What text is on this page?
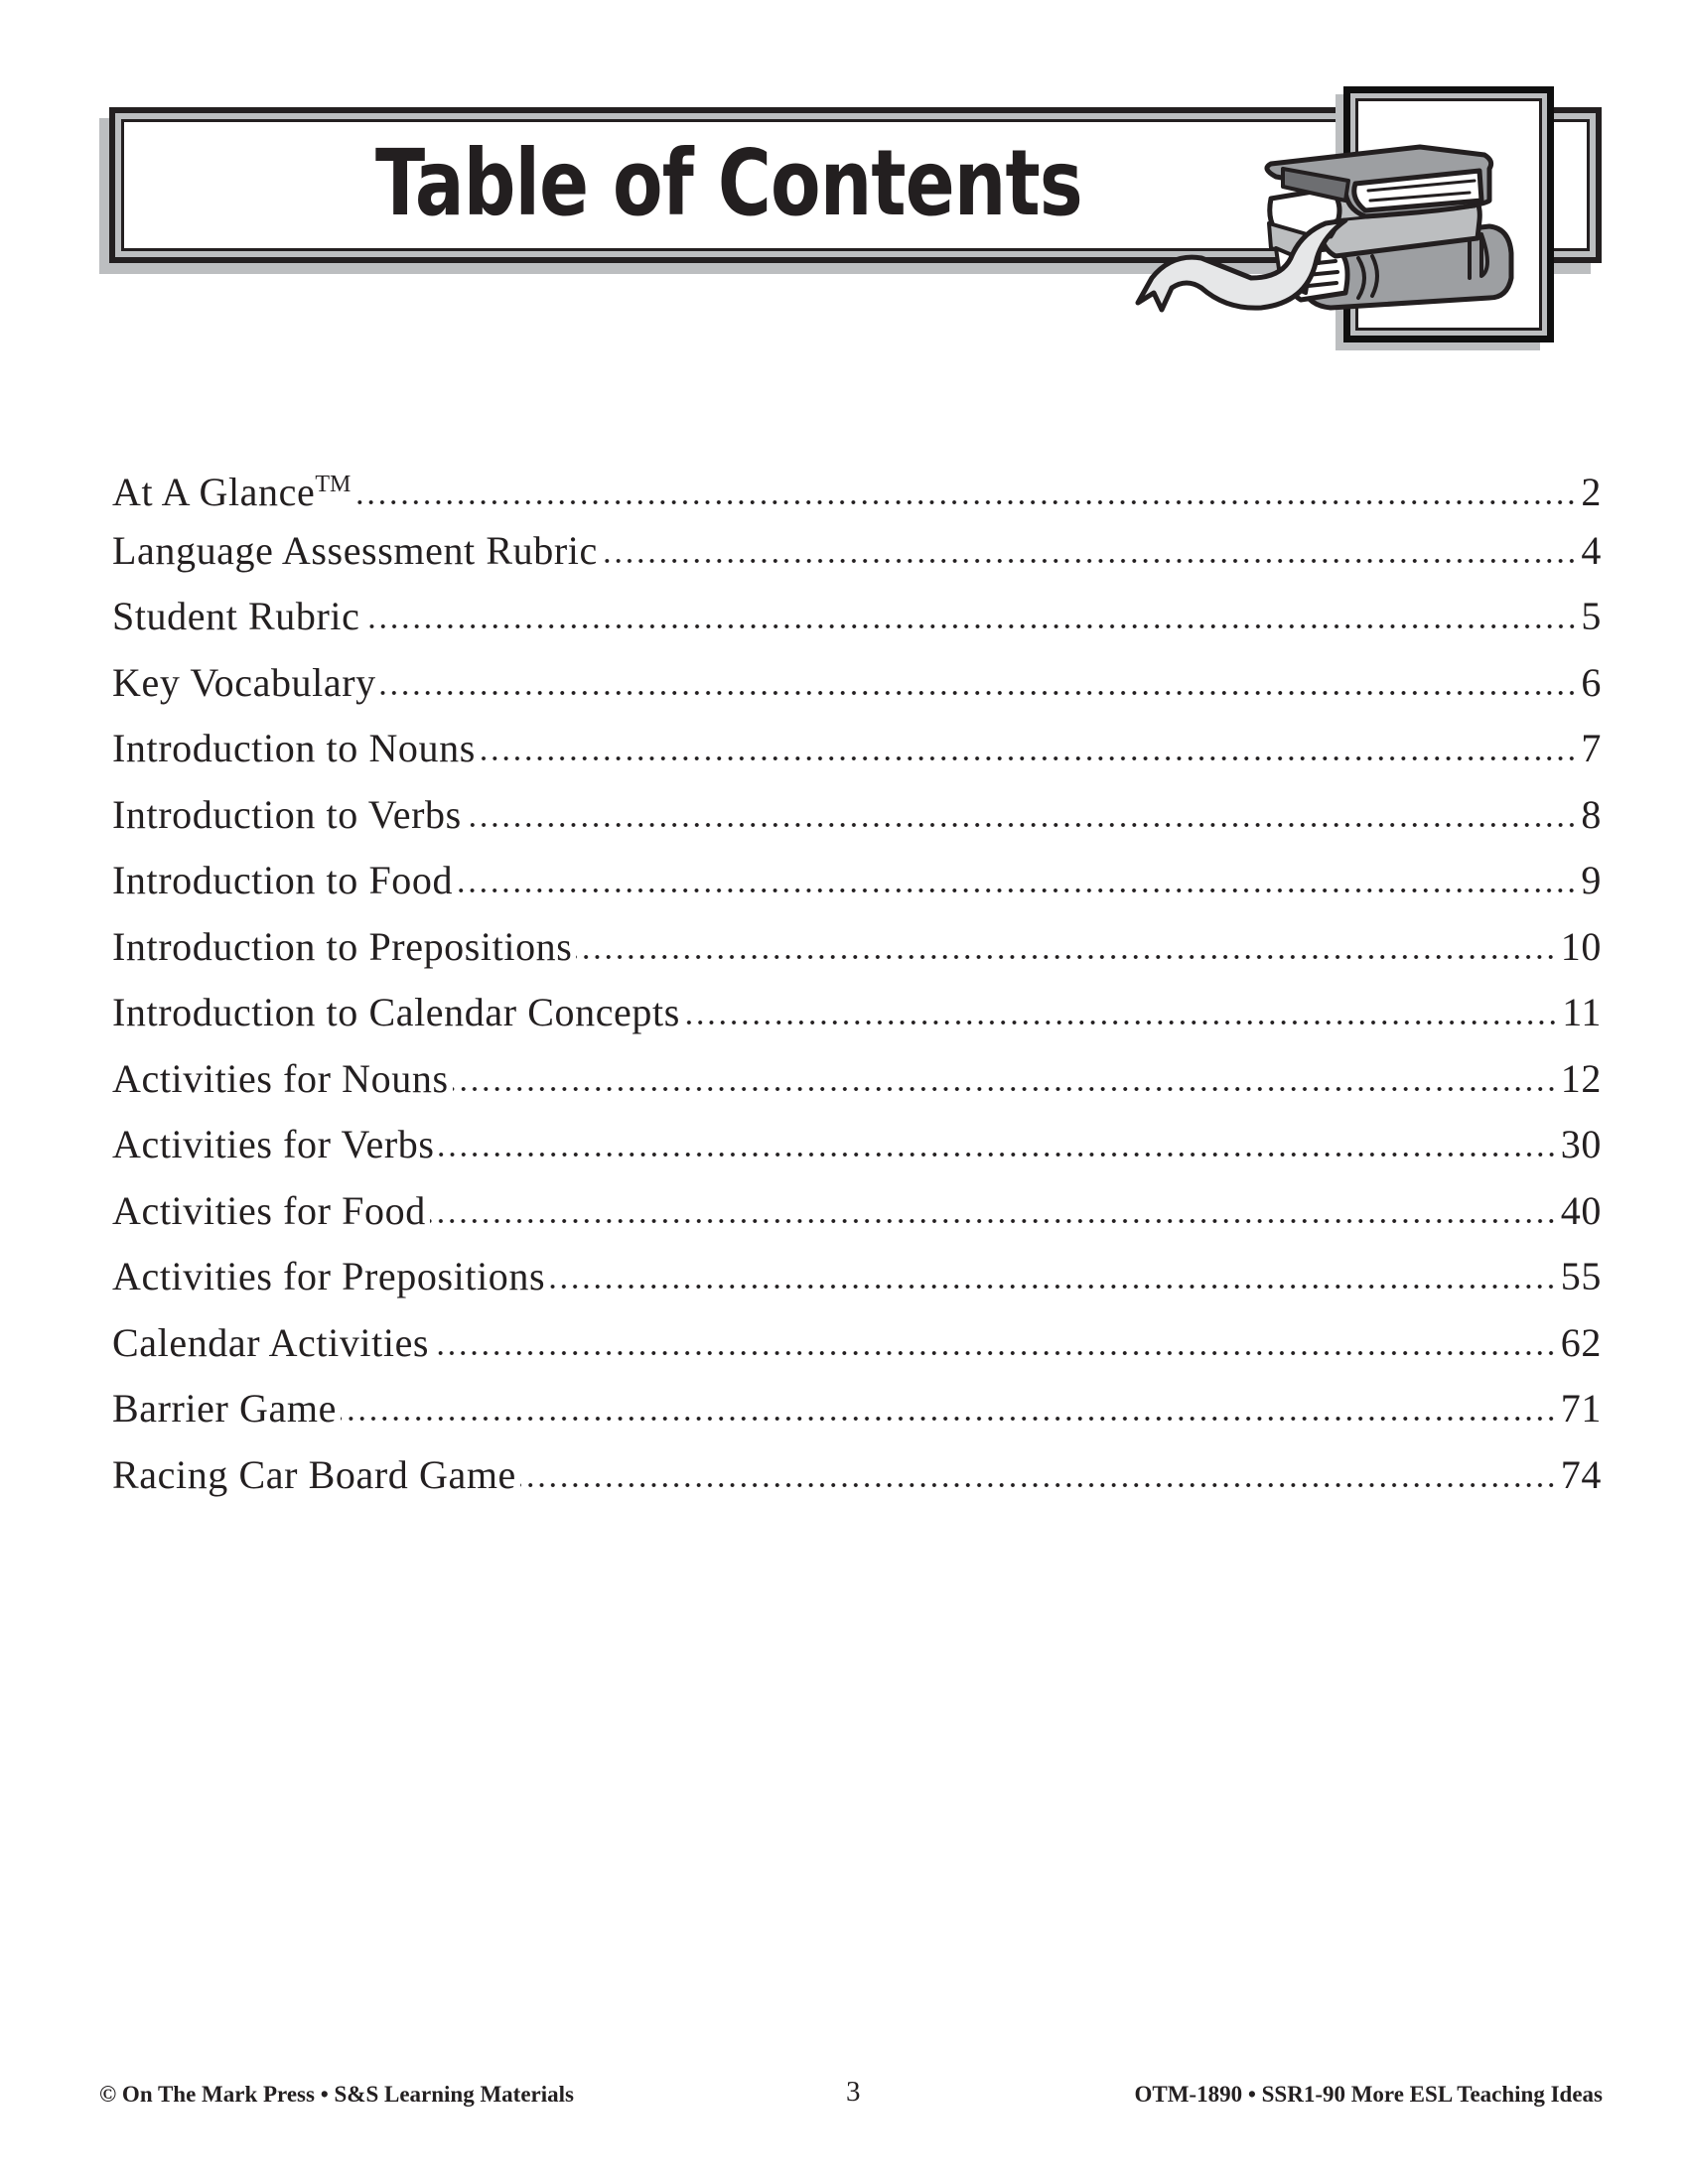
Table of Contents
At A Glance™	2
Language Assessment Rubric	4
Student Rubric	5
Key Vocabulary	6
Introduction to Nouns	7
Introduction to Verbs	8
Introduction to Food	9
Introduction to Prepositions	10
Introduction to Calendar Concepts	11
Activities for Nouns	12
Activities for Verbs	30
Activities for Food	40
Activities for Prepositions	55
Calendar Activities	62
Barrier Game	71
Racing Car Board Game	74
© On The Mark Press • S&S Learning Materials	3	OTM-1890 • SSR1-90 More ESL Teaching Ideas
